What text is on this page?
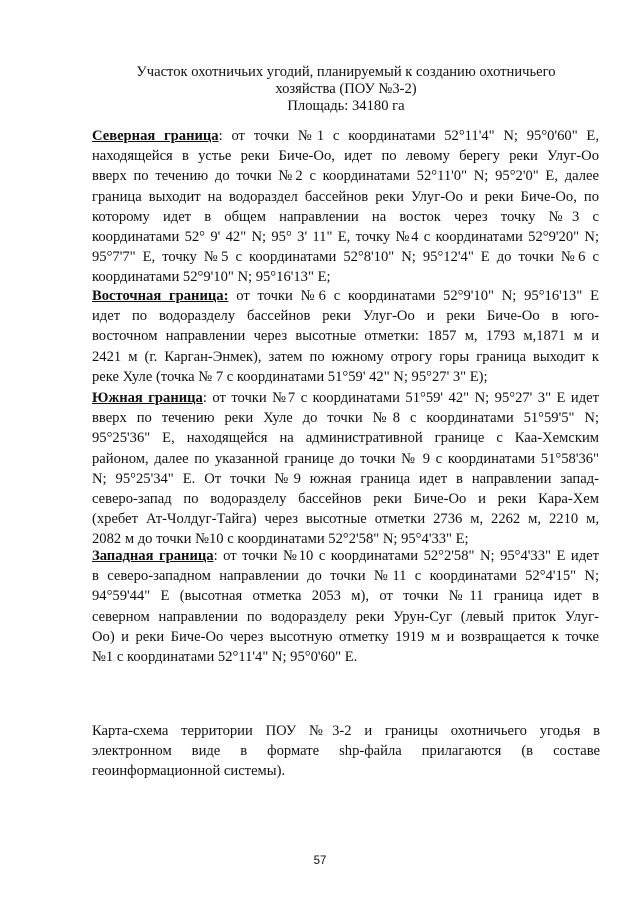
Участок охотничьих угодий, планируемый к созданию охотничьего
хозяйства (ПОУ №3-2)
Площадь: 34180 га
Северная граница: от точки №1 с координатами 52°11'4" N; 95°0'60" E,
находящейся в устье реки Биче-Оо, идет по левому берегу реки Улуг-Оо
вверх по течению до точки №2 с координатами 52°11'0" N; 95°2'0" E, далее
граница выходит на водораздел бассейнов реки Улуг-Оо и реки Биче-Оо, по
которому идет в общем направлении на восток через точку №3 с
координатами 52° 9' 42" N; 95° 3' 11" E, точку №4 с координатами 52°9'20" N;
95°7'7" E, точку №5 с координатами 52°8'10" N; 95°12'4" E до точки №6 с
координатами 52°9'10" N; 95°16'13" E;
Восточная граница: от точки №6 с координатами 52°9'10" N; 95°16'13" E
идет по водоразделу бассейнов реки Улуг-Оо и реки Биче-Оо в юго-
восточном направлении через высотные отметки: 1857 м, 1793 м,1871 м и
2421 м (г. Карган-Энмек), затем по южному отрогу горы граница выходит к
реке Хуле (точка № 7 с координатами 51°59' 42" N; 95°27' 3" E);
Южная граница: от точки №7 с координатами 51°59' 42" N; 95°27' 3" E идет
вверх по течению реки Хуле до точки №8 с координатами 51°59'5" N;
95°25'36" E, находящейся на административной границе с Каа-Хемским
районом, далее по указанной границе до точки № 9 с координатами 51°58'36"
N; 95°25'34" E. От точки №9 южная граница идет в направлении запад-
северо-запад по водоразделу бассейнов реки Биче-Оо и реки Кара-Хем
(хребет Ат-Чолдуг-Тайга) через высотные отметки 2736 м, 2262 м, 2210 м,
2082 м до точки №10 с координатами 52°2'58" N; 95°4'33" E;
Западная граница: от точки №10 с координатами 52°2'58" N; 95°4'33" E идет
в северо-западном направлении до точки №11 с координатами 52°4'15" N;
94°59'44" E (высотная отметка 2053 м), от точки №11 граница идет в
северном направлении по водоразделу реки Урун-Суг (левый приток Улуг-
Оо) и реки Биче-Оо через высотную отметку 1919 м и возвращается к точке
№1 с координатами 52°11'4" N; 95°0'60" E.
Карта-схема территории ПОУ №3-2 и границы охотничьего угодья в
электронном виде в формате shp-файла прилагаются (в составе
геоинформационной системы).
57
